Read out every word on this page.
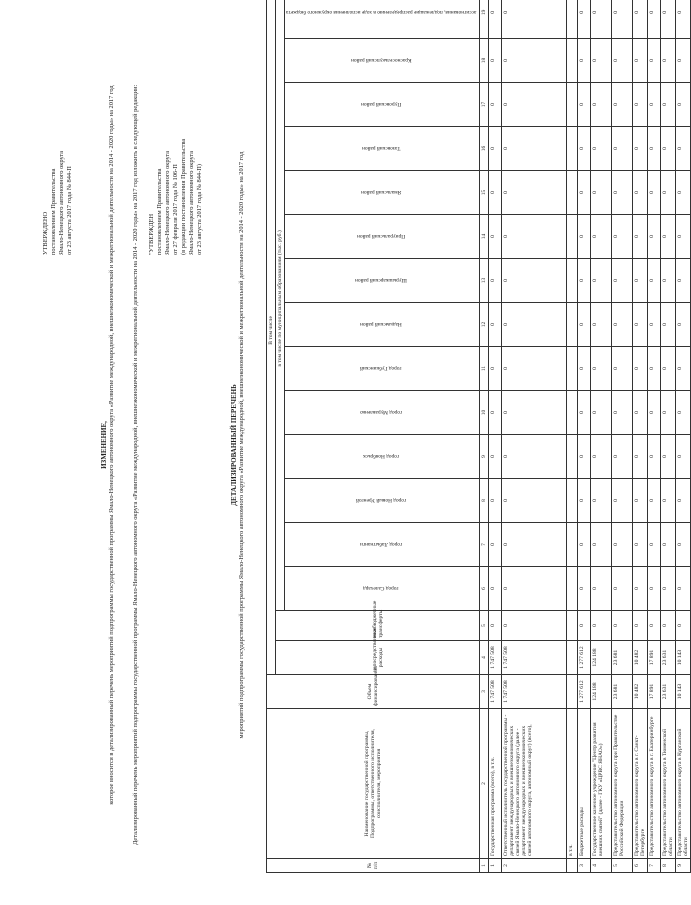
УТВЕРЖДЕНО постановлением Правительства Ямало-Ненецкого автономного округа от 23 августа 2017 года № 844-П
ИЗМЕНЕНИЕ, которое вносится в детализированный перечень мероприятий подпрограммы государственной программы Ямало-Ненецкого автономного округа «Развитие международной, внешнеэкономической и межрегиональной деятельности на 2014 - 2020 годы» на 2017 год	Детализированный перечень мероприятий подпрограммы государственной программы Ямало-Ненецкого автономного округа «Развитие международной, внешнеэкономической и межрегиональной деятельности на 2014 - 2020 годы» на 2017 год изложить в следующей редакции: "УТВЕРЖДЕН постановлением Правительства Ямало-Ненецкого автономного округа от 27 февраля 2017 года № 106-П (в редакции постановления Правительства Ямало-Ненецкого автономного округа от 23 августа 2017 года № 844-П)
ДЕТАЛИЗИРОВАННЫЙ ПЕРЕЧЕНЬ мероприятий подпрограммы государственной программы Ямало-Ненецкого автономного округа «Развитие международной, внешнеэкономической и межрегиональной деятельности на 2014 - 2020 годы» на 2017 год
№ п/п	Наименование государственной программы, Подпрограммы, ответственного исполнителя, соисполнителя, мероприятия	Объем финансирования	В том числе															
			непосредственные расходы	межбюджетные трансферты	в том числе по муниципальным образованиям (тыс. руб.)													
					город Салехард	город Лабытнанги	город Новый Уренгой	город Ноябрьск	город Муравленко	город Губкинский	Надымский район	Шурышкарский район	Приуральский район	Ямальский район	Тазовский район	Пуровский район	Красноселькупский район	ассигнования, подлежащие распределению в ходе исполнения окружного бюджета
1	2	3	4	5	6	7	8	9	10	11	12	13	14	15	16	17	18	19
1	Государственная программа (всего), в т.ч.	1 747 508	1 747 508	0	0	0	0	0	0	0	0	0	0	0	0	0	0	0
2	Ответственный исполнитель государственной программы - департамент международных и внешнеэкономических связей Ямало-Ненецкого автономного округа (далее - департамент международных и внешнеэкономических связей автономного округа, автономный округ) (всего),	1 747 508	1 747 508	0	0	0	0	0	0	0	0	0	0	0	0	0	0	0
	в т.ч.																	
3	Бюджетные расходы	1 277 612	1 277 612	0	0	0	0	0	0	0	0	0	0	0	0	0	0	0
4	Государственное казенное учреждение "Центр развития внешних связей" (далее - ГКУ «ЦРВС ЯНАО»)	124 188	124 188	0	0	0	0	0	0	0	0	0	0	0	0	0	0	0
5	Представительство автономного округа при Правительстве Российской Федерации	23 681	23 681	0	0	0	0	0	0	0	0	0	0	0	0	0	0	0
6	Представительство автономного округа в г. Санкт-Петербурге	10 482	10 482	0	0	0	0	0	0	0	0	0	0	0	0	0	0	0
7	Представительство автономного округа в г. Екатеринбурге	17 891	17 891	0	0	0	0	0	0	0	0	0	0	0	0	0	0	0
8	Представительство автономного округа в Тюменской области	23 631	23 631	0	0	0	0	0	0	0	0	0	0	0	0	0	0	0
9	Представительство автономного округа в Курганской области	10 143	10 143	0	0	0	0	0	0	0	0	0	0	0	0	0	0	0
